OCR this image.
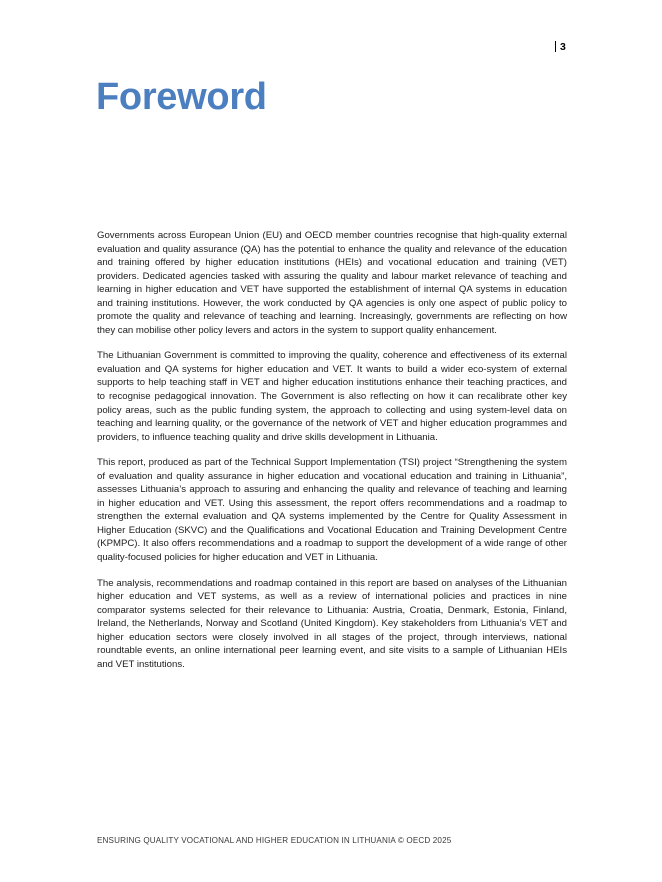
3
Foreword

Governments across European Union (EU) and OECD member countries recognise that high-quality external evaluation and quality assurance (QA) has the potential to enhance the quality and relevance of the education and training offered by higher education institutions (HEIs) and vocational education and training (VET) providers. Dedicated agencies tasked with assuring the quality and labour market relevance of teaching and learning in higher education and VET have supported the establishment of internal QA systems in education and training institutions. However, the work conducted by QA agencies is only one aspect of public policy to promote the quality and relevance of teaching and learning. Increasingly, governments are reflecting on how they can mobilise other policy levers and actors in the system to support quality enhancement.

The Lithuanian Government is committed to improving the quality, coherence and effectiveness of its external evaluation and QA systems for higher education and VET. It wants to build a wider eco-system of external supports to help teaching staff in VET and higher education institutions enhance their teaching practices, and to recognise pedagogical innovation. The Government is also reflecting on how it can recalibrate other key policy areas, such as the public funding system, the approach to collecting and using system-level data on teaching and learning quality, or the governance of the network of VET and higher education programmes and providers, to influence teaching quality and drive skills development in Lithuania.

This report, produced as part of the Technical Support Implementation (TSI) project “Strengthening the system of evaluation and quality assurance in higher education and vocational education and training in Lithuania”, assesses Lithuania’s approach to assuring and enhancing the quality and relevance of teaching and learning in higher education and VET. Using this assessment, the report offers recommendations and a roadmap to strengthen the external evaluation and QA systems implemented by the Centre for Quality Assessment in Higher Education (SKVC) and the Qualifications and Vocational Education and Training Development Centre (KPMPC). It also offers recommendations and a roadmap to support the development of a wide range of other quality-focused policies for higher education and VET in Lithuania.

The analysis, recommendations and roadmap contained in this report are based on analyses of the Lithuanian higher education and VET systems, as well as a review of international policies and practices in nine comparator systems selected for their relevance to Lithuania: Austria, Croatia, Denmark, Estonia, Finland, Ireland, the Netherlands, Norway and Scotland (United Kingdom). Key stakeholders from Lithuania’s VET and higher education sectors were closely involved in all stages of the project, through interviews, national roundtable events, an online international peer learning event, and site visits to a sample of Lithuanian HEIs and VET institutions.

ENSURING QUALITY VOCATIONAL AND HIGHER EDUCATION IN LITHUANIA © OECD 2025
